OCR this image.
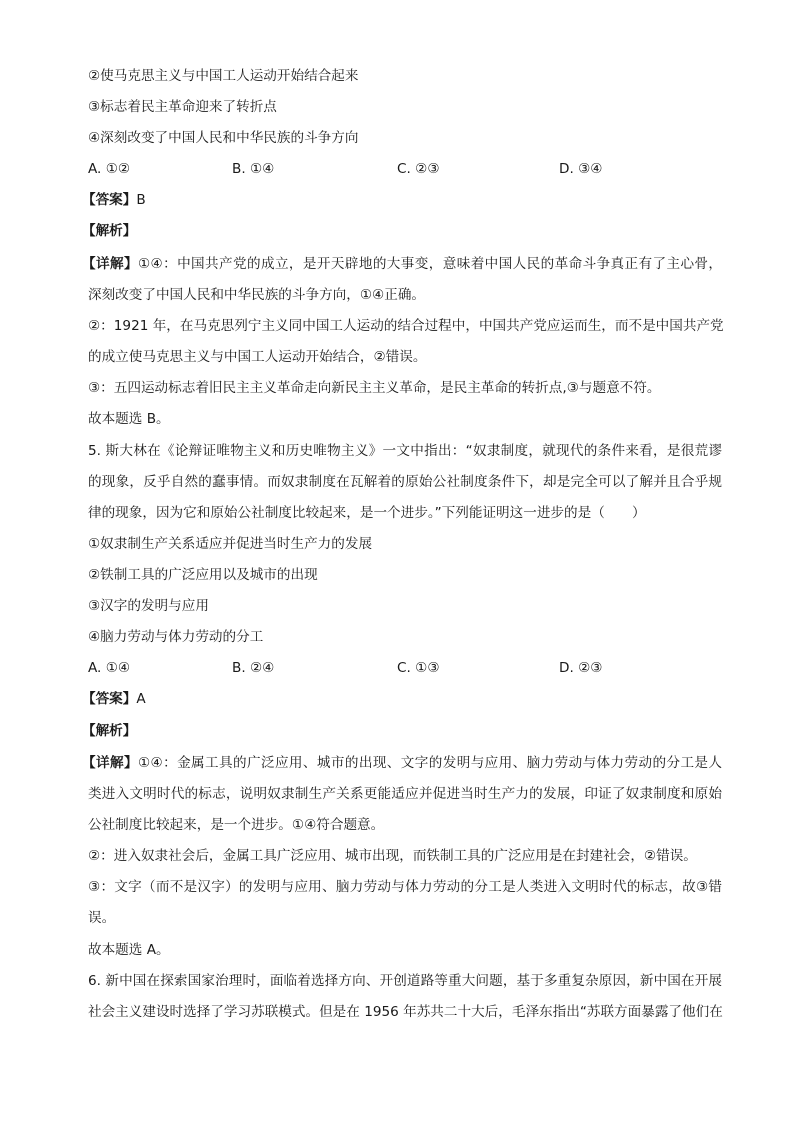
②使马克思主义与中国工人运动开始结合起来
③标志着民主革命迎来了转折点
④深刻改变了中国人民和中华民族的斗争方向
A. ①②	B. ①④	C. ②③	D. ③④
【答案】B
【解析】
【详解】①④：中国共产党的成立，是开天辟地的大事变，意味着中国人民的革命斗争真正有了主心骨，
深刻改变了中国人民和中华民族的斗争方向，①④正确。
②：1921 年，在马克思列宁主义同中国工人运动的结合过程中，中国共产党应运而生，而不是中国共产党
的成立使马克思主义与中国工人运动开始结合，②错误。
③：五四运动标志着旧民主主义革命走向新民主主义革命，是民主革命的转折点,③与题意不符。
故本题选 B。
5. 斯大林在《论辩证唯物主义和历史唯物主义》一文中指出：“奴隶制度，就现代的条件来看，是很荒谬
的现象，反乎自然的蠢事情。而奴隶制度在瓦解着的原始公社制度条件下，却是完全可以了解并且合乎规
律的现象，因为它和原始公社制度比较起来，是一个进步。”下列能证明这一进步的是（　　）
①奴隶制生产关系适应并促进当时生产力的发展
②铁制工具的广泛应用以及城市的出现
③汉字的发明与应用
④脑力劳动与体力劳动的分工
A. ①④	B. ②④	C. ①③	D. ②③
【答案】A
【解析】
【详解】①④：金属工具的广泛应用、城市的出现、文字的发明与应用、脑力劳动与体力劳动的分工是人
类进入文明时代的标志，说明奴隶制生产关系更能适应并促进当时生产力的发展，印证了奴隶制度和原始
公社制度比较起来，是一个进步。①④符合题意。
②：进入奴隶社会后，金属工具广泛应用、城市出现，而铁制工具的广泛应用是在封建社会，②错误。
③：文字（而不是汉字）的发明与应用、脑力劳动与体力劳动的分工是人类进入文明时代的标志，故③错
误。
故本题选 A。
6. 新中国在探索国家治理时，面临着选择方向、开创道路等重大问题，基于多重复杂原因，新中国在开展
社会主义建设时选择了学习苏联模式。但是在 1956 年苏共二十大后，毛泽东指出“苏联方面暴露了他们在
